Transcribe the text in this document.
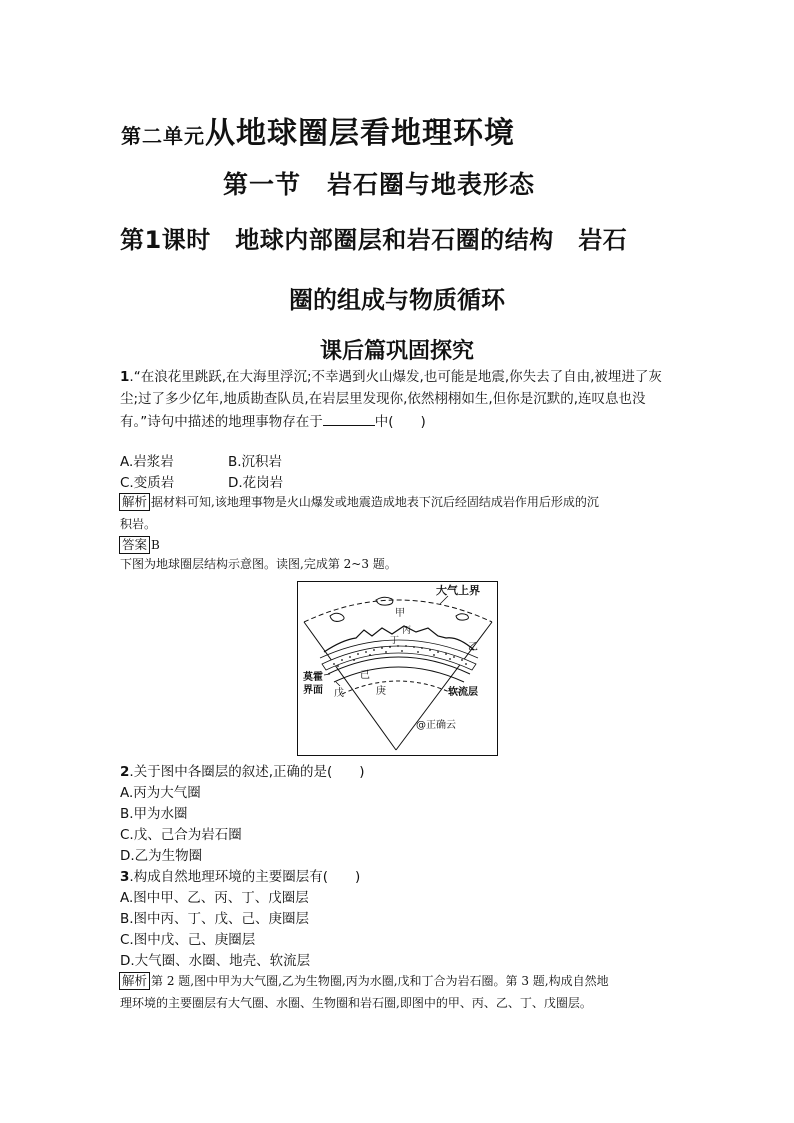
第二单元从地球圈层看地理环境
第一节　岩石圈与地表形态
第1课时　地球内部圈层和岩石圈的结构　岩石
圈的组成与物质循环
课后篇巩固探究
1.“在浪花里跳跃,在大海里浮沉;不幸遇到火山爆发,也可能是地震,你失去了自由,被埋进了灰
尘;过了多少亿年,地质勘查队员,在岩层里发现你,依然栩栩如生,但你是沉默的,连叹息也没
有。”诗句中描述的地理事物存在于	中(　　)
A.岩浆岩	B.沉积岩
C.变质岩	D.花岗岩
解析 据材料可知,该地理事物是火山爆发或地震造成地表下沉后经固结成岩作用后形成的沉
积岩。
答案 B
下图为地球圈层结构示意图。读图,完成第 2~3 题。
大气上界
甲
丙
丁
乙
己
庚
戊
莫霍
界面	软流层
@正确云
2.关于图中各圈层的叙述,正确的是(　　)
A.丙为大气圈
B.甲为水圈
C.戊、己合为岩石圈
D.乙为生物圈
3.构成自然地理环境的主要圈层有(　　)
A.图中甲、乙、丙、丁、戊圈层
B.图中丙、丁、戊、己、庚圈层
C.图中戊、己、庚圈层
D.大气圈、水圈、地壳、软流层
解析 第 2 题,图中甲为大气圈,乙为生物圈,丙为水圈,戊和丁合为岩石圈。第 3 题,构成自然地
理环境的主要圈层有大气圈、水圈、生物圈和岩石圈,即图中的甲、丙、乙、丁、戊圈层。
